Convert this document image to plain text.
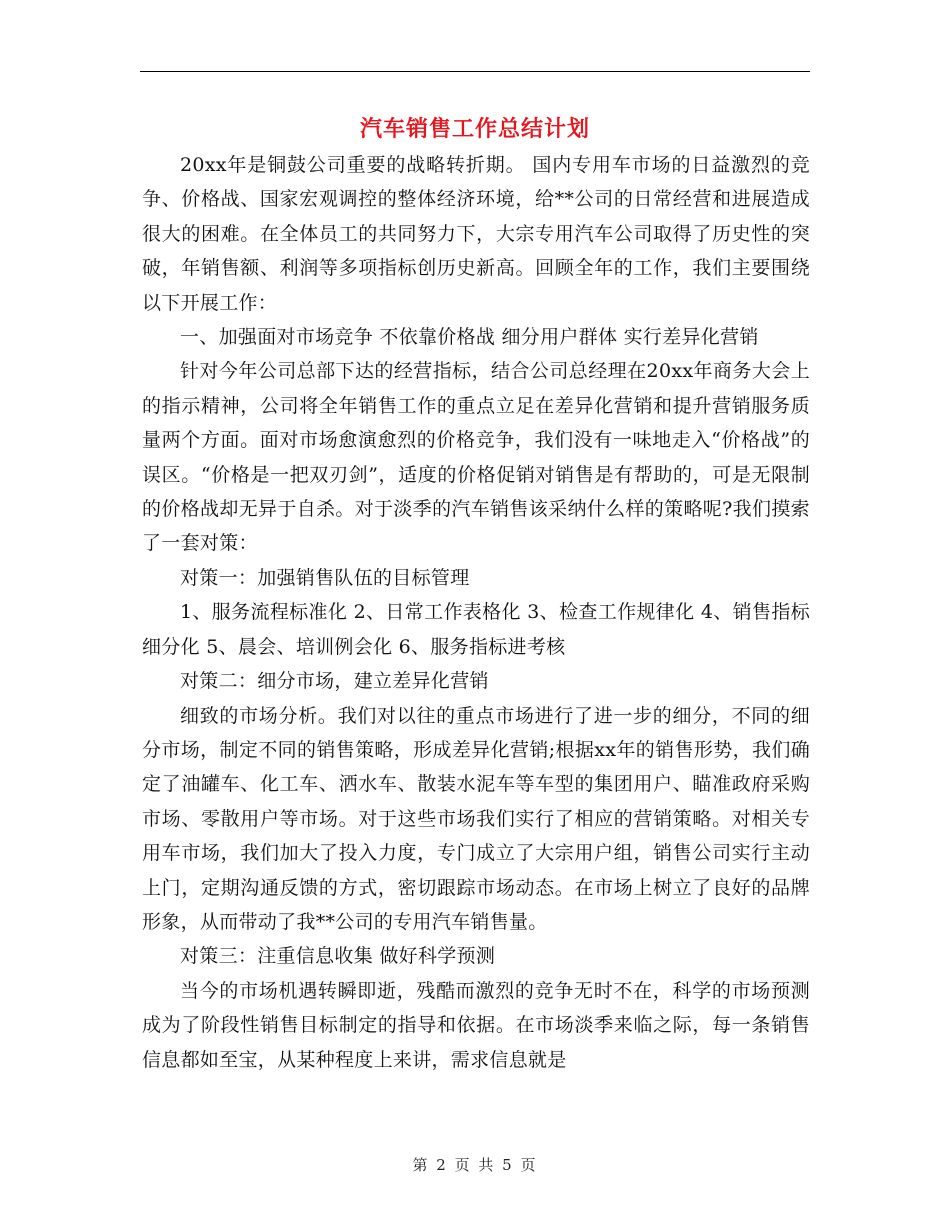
汽车销售工作总结计划

20xx年是铜鼓公司重要的战略转折期。 国内专用车市场的日益激烈的竞争、价格战、国家宏观调控的整体经济环境，给**公司的日常经营和进展造成很大的困难。在全体员工的共同努力下，大宗专用汽车公司取得了历史性的突破，年销售额、利润等多项指标创历史新高。回顾全年的工作，我们主要围绕以下开展工作：

一、加强面对市场竞争 不依靠价格战 细分用户群体 实行差异化营销

针对今年公司总部下达的经营指标，结合公司总经理在20xx年商务大会上的指示精神，公司将全年销售工作的重点立足在差异化营销和提升营销服务质量两个方面。面对市场愈演愈烈的价格竞争，我们没有一味地走入“价格战”的误区。“价格是一把双刃剑”，适度的价格促销对销售是有帮助的，可是无限制的价格战却无异于自杀。对于淡季的汽车销售该采纳什么样的策略呢?我们摸索了一套对策：

对策一：加强销售队伍的目标管理

1、服务流程标准化 2、日常工作表格化 3、检查工作规律化 4、销售指标细分化 5、晨会、培训例会化 6、服务指标进考核

对策二：细分市场，建立差异化营销

细致的市场分析。我们对以往的重点市场进行了进一步的细分，不同的细分市场，制定不同的销售策略，形成差异化营销;根据xx年的销售形势，我们确定了油罐车、化工车、洒水车、散装水泥车等车型的集团用户、瞄准政府采购市场、零散用户等市场。对于这些市场我们实行了相应的营销策略。对相关专用车市场，我们加大了投入力度，专门成立了大宗用户组，销售公司实行主动上门，定期沟通反馈的方式，密切跟踪市场动态。在市场上树立了良好的品牌形象，从而带动了我**公司的专用汽车销售量。

对策三：注重信息收集 做好科学预测

当今的市场机遇转瞬即逝，残酷而激烈的竞争无时不在，科学的市场预测成为了阶段性销售目标制定的指导和依据。在市场淡季来临之际，每一条销售信息都如至宝，从某种程度上来讲，需求信息就是

第 2 页 共 5 页
